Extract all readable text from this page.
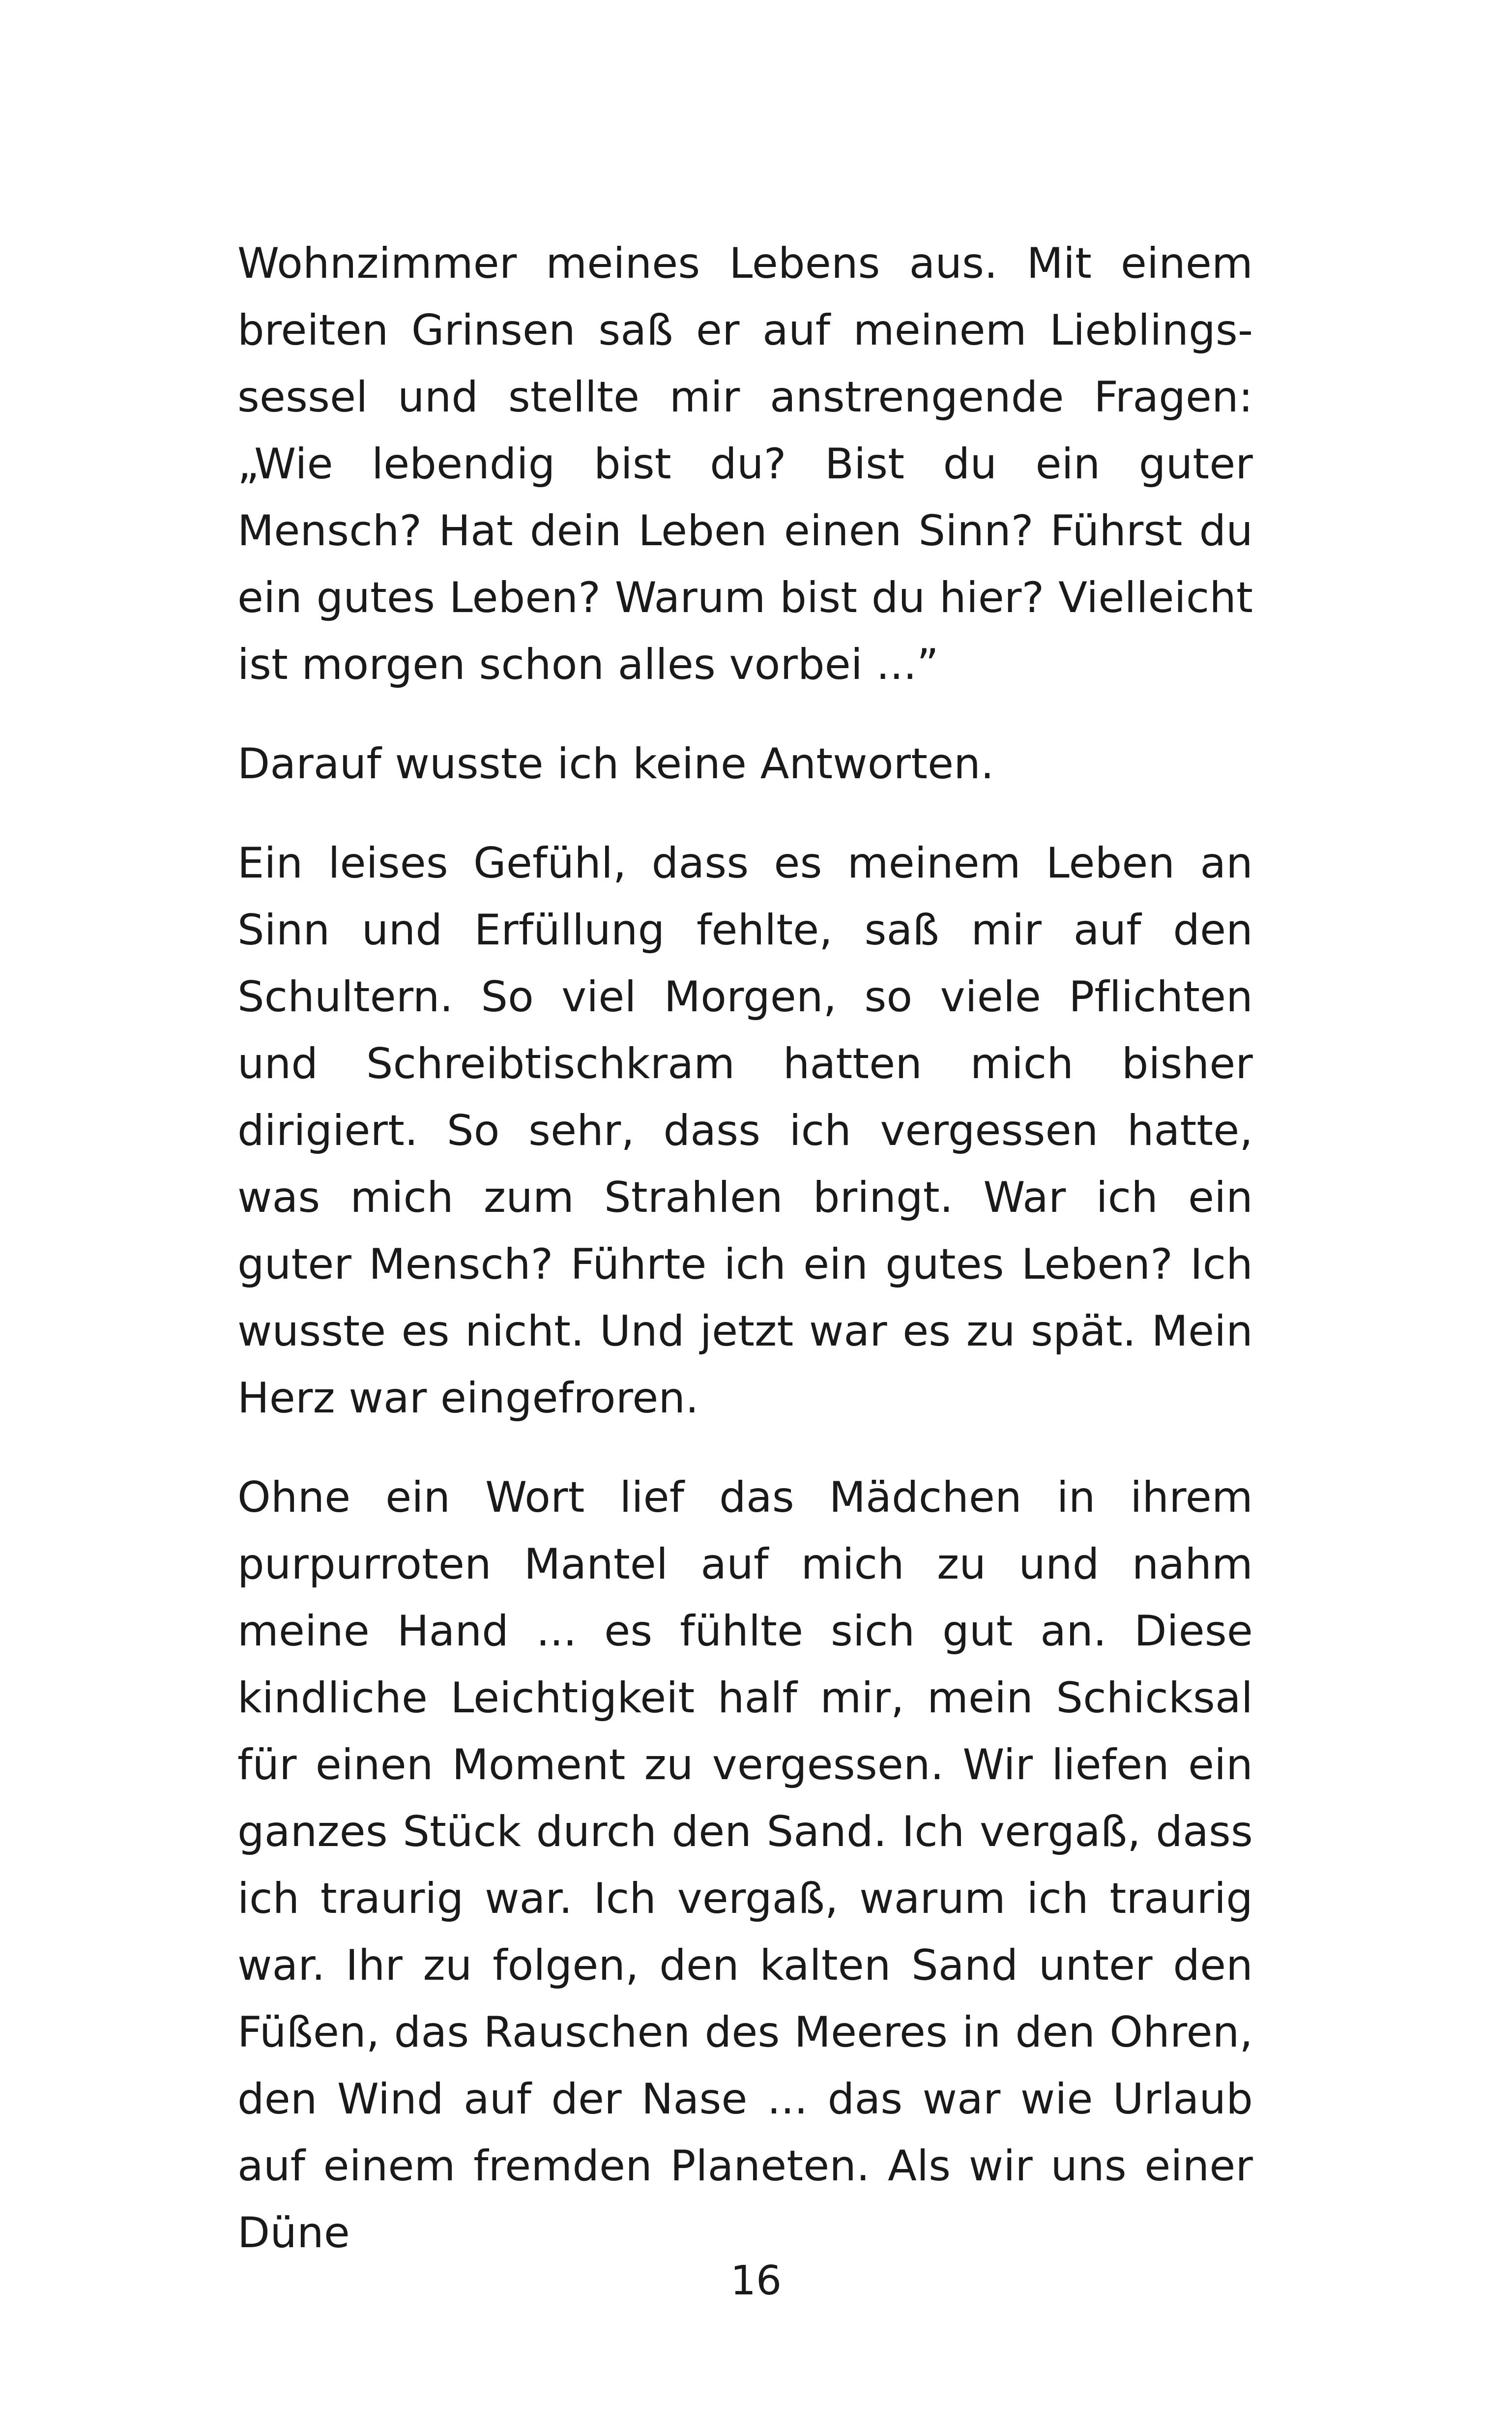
Wohnzimmer meines Lebens aus. Mit einem breiten Grinsen saß er auf meinem Lieblingssessel und stellte mir anstrengende Fragen: „Wie lebendig bist du? Bist du ein guter Mensch? Hat dein Leben einen Sinn? Führst du ein gutes Leben? Warum bist du hier? Vielleicht ist morgen schon alles vorbei ...”

Darauf wusste ich keine Antworten.

Ein leises Gefühl, dass es meinem Leben an Sinn und Erfüllung fehlte, saß mir auf den Schultern. So viel Morgen, so viele Pflichten und Schreibtischkram hatten mich bisher dirigiert. So sehr, dass ich vergessen hatte, was mich zum Strahlen bringt. War ich ein guter Mensch? Führte ich ein gutes Leben? Ich wusste es nicht. Und jetzt war es zu spät. Mein Herz war eingefroren.

Ohne ein Wort lief das Mädchen in ihrem purpurroten Mantel auf mich zu und nahm meine Hand ... es fühlte sich gut an. Diese kindliche Leichtigkeit half mir, mein Schicksal für einen Moment zu vergessen. Wir liefen ein ganzes Stück durch den Sand. Ich vergaß, dass ich traurig war. Ich vergaß, warum ich traurig war. Ihr zu folgen, den kalten Sand unter den Füßen, das Rauschen des Meeres in den Ohren, den Wind auf der Nase ... das war wie Urlaub auf einem fremden Planeten. Als wir uns einer Düne

16
